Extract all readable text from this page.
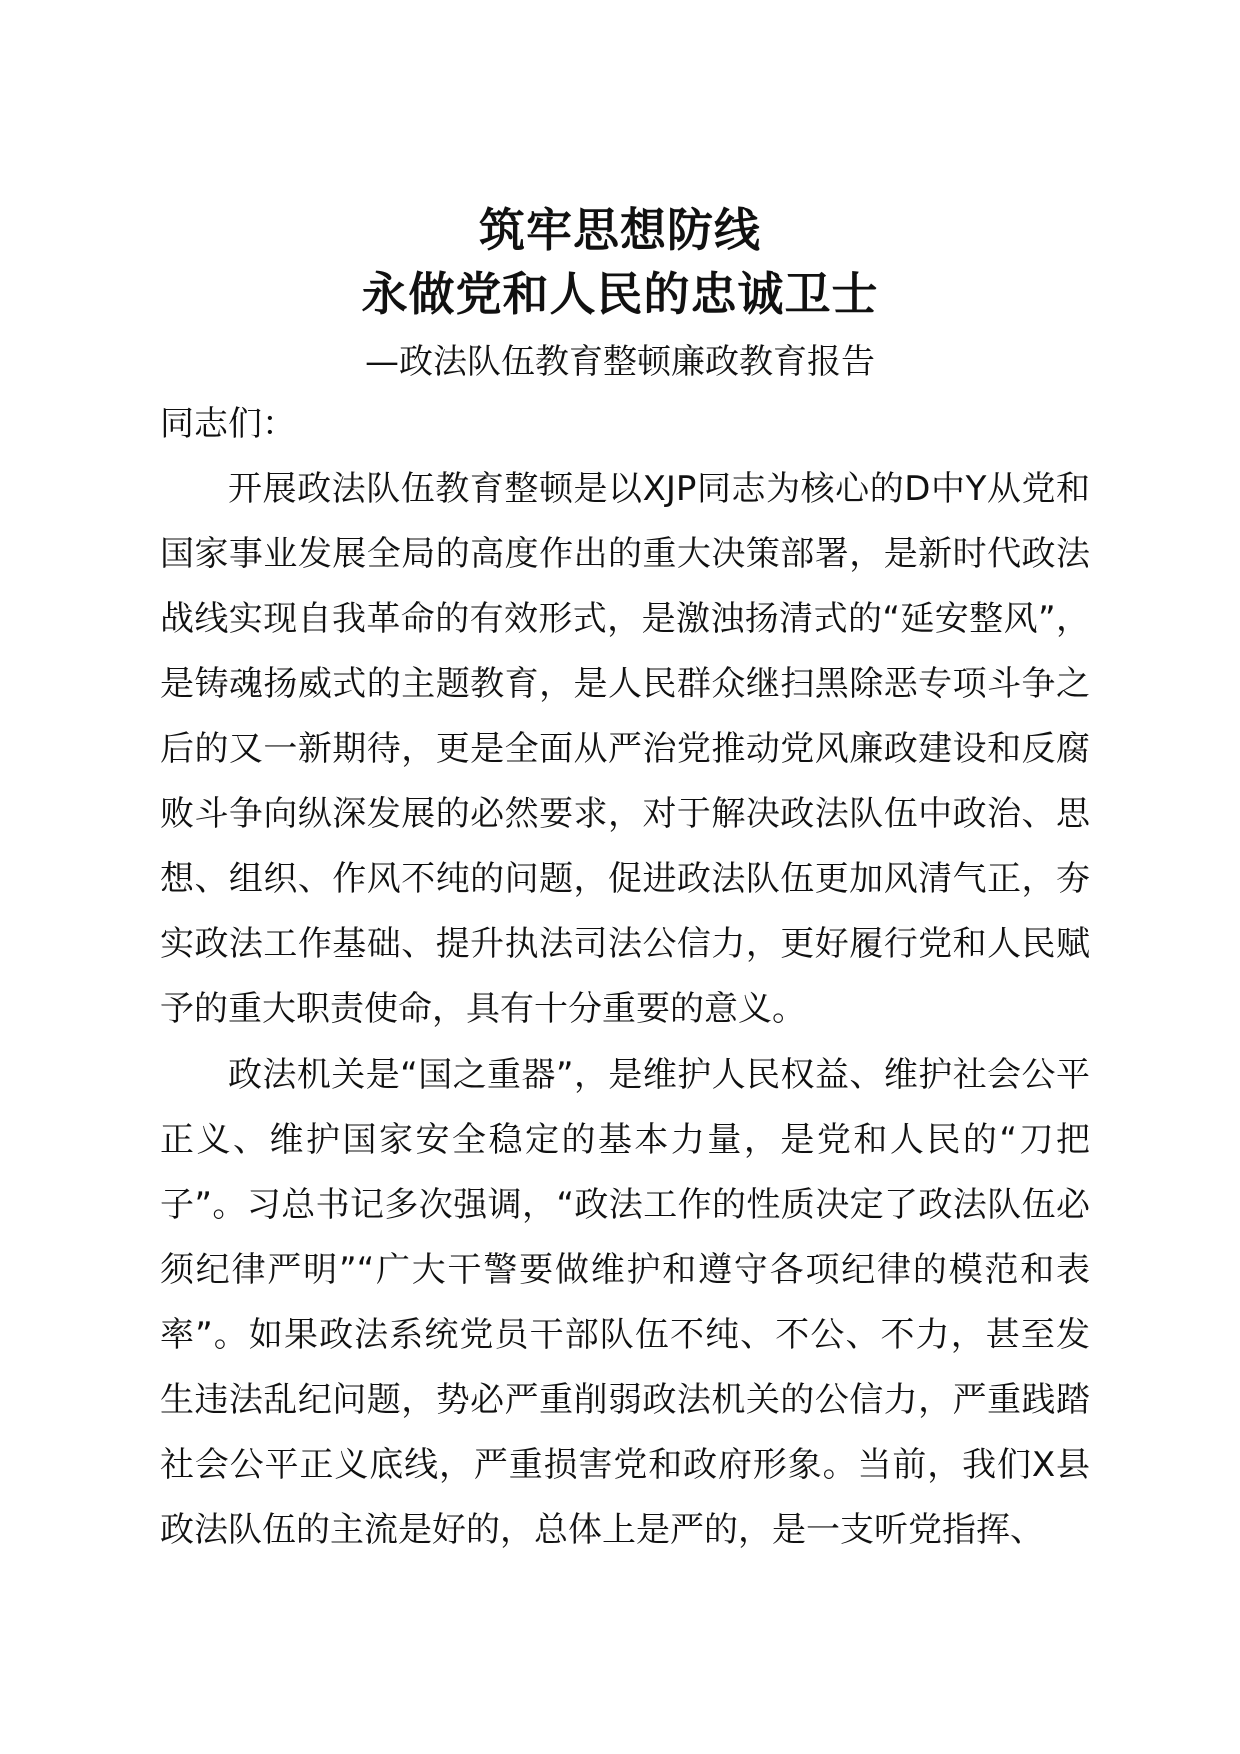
筑牢思想防线
永做党和人民的忠诚卫士
—政法队伍教育整顿廉政教育报告

同志们：

开展政法队伍教育整顿是以XJP同志为核心的D中Y从党和国家事业发展全局的高度作出的重大决策部署，是新时代政法战线实现自我革命的有效形式，是激浊扬清式的“延安整风”，是铸魂扬威式的主题教育，是人民群众继扫黑除恶专项斗争之后的又一新期待，更是全面从严治党推动党风廉政建设和反腐败斗争向纵深发展的必然要求，对于解决政法队伍中政治、思想、组织、作风不纯的问题，促进政法队伍更加风清气正，夯实政法工作基础、提升执法司法公信力，更好履行党和人民赋予的重大职责使命，具有十分重要的意义。

政法机关是“国之重器”，是维护人民权益、维护社会公平正义、维护国家安全稳定的基本力量，是党和人民的“刀把子”。习总书记多次强调，“政法工作的性质决定了政法队伍必须纪律严明”“广大干警要做维护和遵守各项纪律的模范和表率”。如果政法系统党员干部队伍不纯、不公、不力，甚至发生违法乱纪问题，势必严重削弱政法机关的公信力，严重践踏社会公平正义底线，严重损害党和政府形象。当前，我们X县政法队伍的主流是好的，总体上是严的，是一支听党指挥、
